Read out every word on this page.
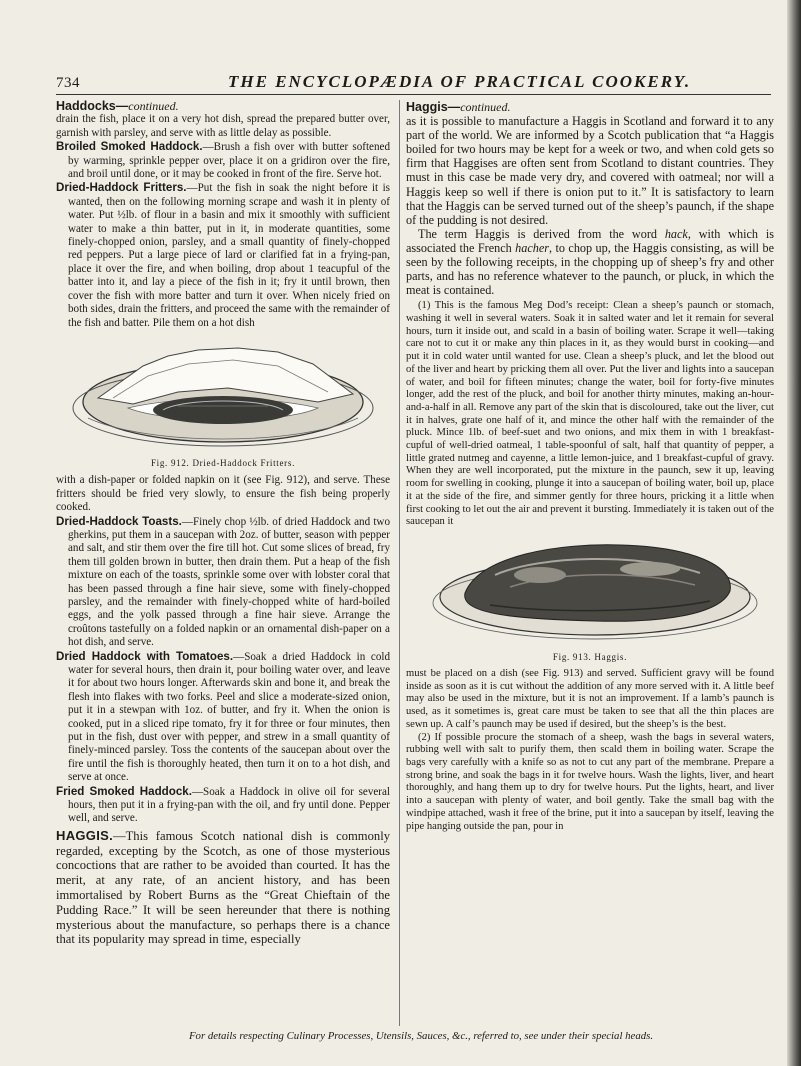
734	THE ENCYCLOPÆDIA OF PRACTICAL COOKERY.

Haddocks—continued.

drain the fish, place it on a very hot dish, spread the prepared butter over, garnish with parsley, and serve with as little delay as possible.

Broiled Smoked Haddock.—Brush a fish over with butter softened by warming, sprinkle pepper over, place it on a gridiron over the fire, and broil until done, or it may be cooked in front of the fire. Serve hot.

Dried-Haddock Fritters.—Put the fish in soak the night before it is wanted, then on the following morning scrape and wash it in plenty of water. Put ½lb. of flour in a basin and mix it smoothly with sufficient water to make a thin batter, put in it, in moderate quantities, some finely-chopped onion, parsley, and a small quantity of finely-chopped red peppers. Put a large piece of lard or clarified fat in a frying-pan, place it over the fire, and when boiling, drop about 1 teacupful of the batter into it, and lay a piece of the fish in it; fry it until brown, then cover the fish with more batter and turn it over. When nicely fried on both sides, drain the fritters, and proceed the same with the remainder of the fish and batter. Pile them on a hot dish

Fig. 912. Dried-Haddock Fritters.

with a dish-paper or folded napkin on it (see Fig. 912), and serve. These fritters should be fried very slowly, to ensure the fish being properly cooked.

Dried-Haddock Toasts.—Finely chop ½lb. of dried Haddock and two gherkins, put them in a saucepan with 2oz. of butter, season with pepper and salt, and stir them over the fire till hot. Cut some slices of bread, fry them till golden brown in butter, then drain them. Put a heap of the fish mixture on each of the toasts, sprinkle some over with lobster coral that has been passed through a fine hair sieve, some with finely-chopped parsley, and the remainder with finely-chopped white of hard-boiled eggs, and the yolk passed through a fine hair sieve. Arrange the croûtons tastefully on a folded napkin or an ornamental dish-paper on a hot dish, and serve.

Dried Haddock with Tomatoes.—Soak a dried Haddock in cold water for several hours, then drain it, pour boiling water over, and leave it for about two hours longer. Afterwards skin and bone it, and break the flesh into flakes with two forks. Peel and slice a moderate-sized onion, put it in a stewpan with 1oz. of butter, and fry it. When the onion is cooked, put in a sliced ripe tomato, fry it for three or four minutes, then put in the fish, dust over with pepper, and strew in a small quantity of finely-minced parsley. Toss the contents of the saucepan about over the fire until the fish is thoroughly heated, then turn it on to a hot dish, and serve at once.

Fried Smoked Haddock.—Soak a Haddock in olive oil for several hours, then put it in a frying-pan with the oil, and fry until done. Pepper well, and serve.

HAGGIS.—This famous Scotch national dish is commonly regarded, excepting by the Scotch, as one of those mysterious concoctions that are rather to be avoided than courted. It has the merit, at any rate, of an ancient history, and has been immortalised by Robert Burns as the “Great Chieftain of the Pudding Race.” It will be seen hereunder that there is nothing mysterious about the manufacture, so perhaps there is a chance that its popularity may spread in time, especially

Haggis—continued.

as it is possible to manufacture a Haggis in Scotland and forward it to any part of the world. We are informed by a Scotch publication that “a Haggis boiled for two hours may be kept for a week or two, and when cold gets so firm that Haggises are often sent from Scotland to distant countries. They must in this case be made very dry, and covered with oatmeal; nor will a Haggis keep so well if there is onion put to it.” It is satisfactory to learn that the Haggis can be served turned out of the sheep’s paunch, if the shape of the pudding is not desired.

The term Haggis is derived from the word hack, with which is associated the French hacher, to chop up, the Haggis consisting, as will be seen by the following receipts, in the chopping up of sheep’s fry and other parts, and has no reference whatever to the paunch, or pluck, in which the meat is contained.

(1) This is the famous Meg Dod’s receipt: Clean a sheep’s paunch or stomach, washing it well in several waters. Soak it in salted water and let it remain for several hours, turn it inside out, and scald in a basin of boiling water. Scrape it well—taking care not to cut it or make any thin places in it, as they would burst in cooking—and put it in cold water until wanted for use. Clean a sheep’s pluck, and let the blood out of the liver and heart by pricking them all over. Put the liver and lights into a saucepan of water, and boil for fifteen minutes; change the water, boil for forty-five minutes longer, add the rest of the pluck, and boil for another thirty minutes, making an-hour-and-a-half in all. Remove any part of the skin that is discoloured, take out the liver, cut it in halves, grate one half of it, and mince the other half with the remainder of the pluck. Mince 1lb. of beef-suet and two onions, and mix them in with 1 breakfast-cupful of well-dried oatmeal, 1 table-spoonful of salt, half that quantity of pepper, a little grated nutmeg and cayenne, a little lemon-juice, and 1 breakfast-cupful of gravy. When they are well incorporated, put the mixture in the paunch, sew it up, leaving room for swelling in cooking, plunge it into a saucepan of boiling water, boil up, place it at the side of the fire, and simmer gently for three hours, pricking it a little when first cooking to let out the air and prevent it bursting. Immediately it is taken out of the saucepan it

Fig. 913. Haggis.

must be placed on a dish (see Fig. 913) and served. Sufficient gravy will be found inside as soon as it is cut without the addition of any more served with it. A little beef may also be used in the mixture, but it is not an improvement. If a lamb’s paunch is used, as it sometimes is, great care must be taken to see that all the thin places are sewn up. A calf’s paunch may be used if desired, but the sheep’s is the best.

(2) If possible procure the stomach of a sheep, wash the bags in several waters, rubbing well with salt to purify them, then scald them in boiling water. Scrape the bags very carefully with a knife so as not to cut any part of the membrane. Prepare a strong brine, and soak the bags in it for twelve hours. Wash the lights, liver, and heart thoroughly, and hang them up to dry for twelve hours. Put the lights, heart, and liver into a saucepan with plenty of water, and boil gently. Take the small bag with the windpipe attached, wash it free of the brine, put it into a saucepan by itself, leaving the pipe hanging outside the pan, pour in

For details respecting Culinary Processes, Utensils, Sauces, &c., referred to, see under their special heads.
